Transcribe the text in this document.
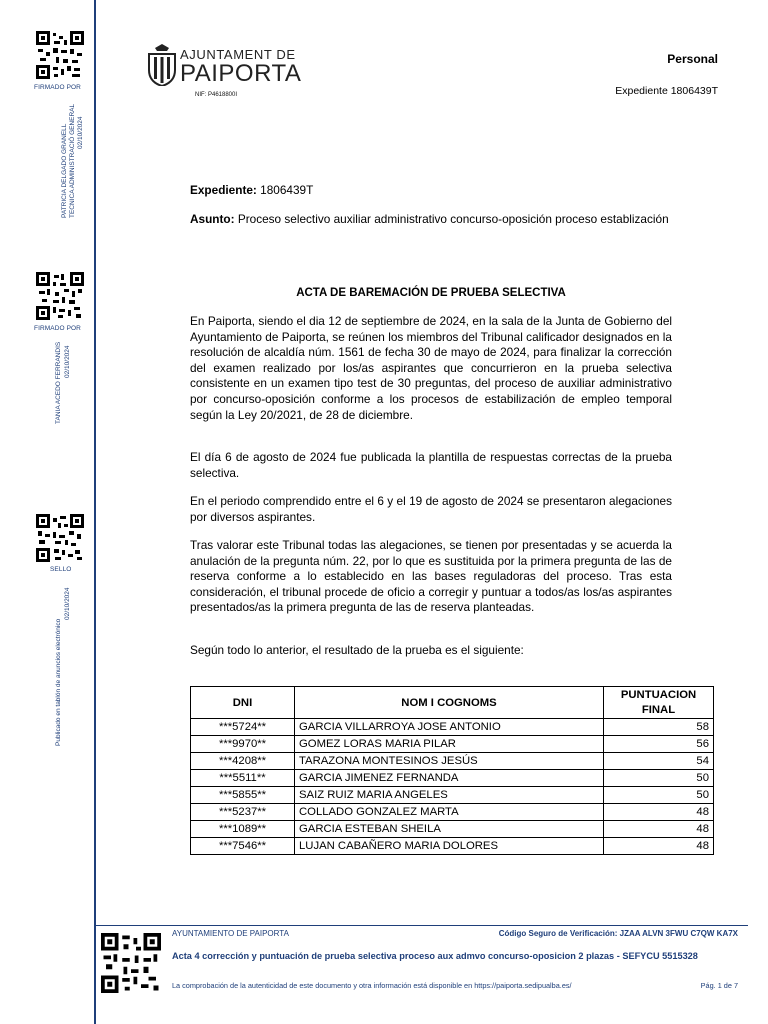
FIRMADO POR
PATRICIA DELGADO GRANELL TECNICA ADMINISTRACIÓ GENERAL 02/10/2024
FIRMADO POR
TANIA ACEDO FERRANDIS 02/10/2024
SELLO
Publicado en tablón de anuncios electrónico
02/10/2024
AJUNTAMENT DE
PAIPORTA
NIF: P4618800I
Personal
Expediente 1806439T
Expediente: 1806439T
Asunto: Proceso selectivo auxiliar administrativo concurso-oposición proceso establización
ACTA DE BAREMACIÓN DE PRUEBA SELECTIVA
En Paiporta, siendo el dia 12 de septiembre de 2024, en la sala de la Junta de Gobierno del Ayuntamiento de Paiporta, se reúnen los miembros del Tribunal calificador designados en la resolución de alcaldía núm. 1561 de fecha 30 de mayo de 2024, para finalizar la corrección del examen realizado por los/as aspirantes que concurrieron en la prueba selectiva consistente en un examen tipo test de 30 preguntas, del proceso de auxiliar administrativo por concurso-oposición conforme a los procesos de estabilización de empleo temporal según la Ley 20/2021, de 28 de diciembre.
El día 6 de agosto de 2024 fue publicada la plantilla de respuestas correctas de la prueba selectiva.
En el periodo comprendido entre el 6 y el 19 de agosto de 2024 se presentaron alegaciones por diversos aspirantes.
Tras valorar este Tribunal todas las alegaciones, se tienen por presentadas y se acuerda la anulación de la pregunta núm. 22, por lo que es sustituida por la primera pregunta de las de reserva conforme a lo establecido en las bases reguladoras del proceso. Tras esta consideración, el tribunal procede de oficio a corregir y puntuar a todos/as los/as aspirantes presentados/as la primera pregunta de las de reserva planteadas.
Según todo lo anterior, el resultado de la prueba es el siguiente:
DNI	NOM I COGNOMS	PUNTUACION FINAL
***5724**	GARCIA VILLARROYA JOSE ANTONIO	58
***9970**	GOMEZ LORAS MARIA PILAR	56
***4208**	TARAZONA MONTESINOS JESÚS	54
***5511**	GARCIA JIMENEZ FERNANDA	50
***5855**	SAIZ RUIZ MARIA ANGELES	50
***5237**	COLLADO GONZALEZ MARTA	48
***1089**	GARCIA ESTEBAN SHEILA	48
***7546**	LUJAN CABAÑERO MARIA DOLORES	48
AYUNTAMIENTO DE PAIPORTA	Código Seguro de Verificación: JZAA ALVN 3FWU C7QW KA7X
Acta 4 corrección y puntuación de prueba selectiva proceso aux admvo concurso-oposicion 2 plazas - SEFYCU 5515328
La comprobación de la autenticidad de este documento y otra información está disponible en https://paiporta.sedipualba.es/	Pág. 1 de 7
